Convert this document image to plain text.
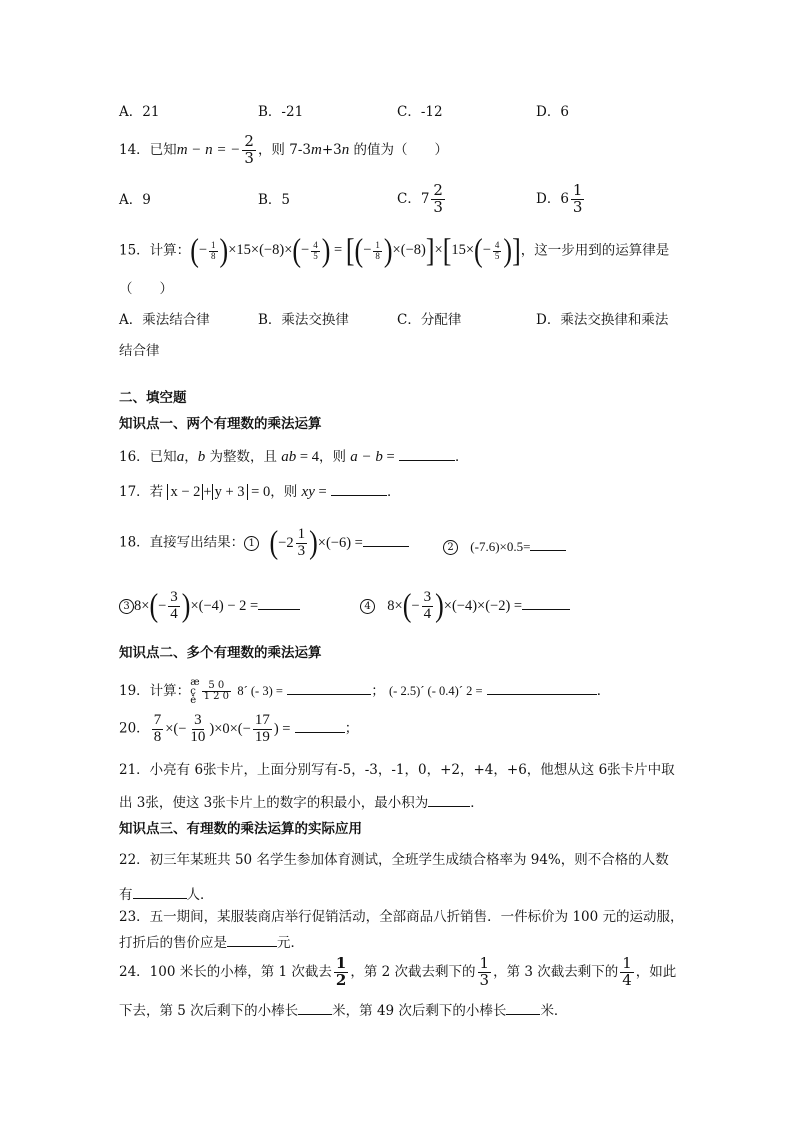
A．21	B．-21	C．-12	D．6
14．已知m − n = − $\frac{2}{3}$ ，则 7-3m+3n 的值为（　　）
A．9	B．5	C．$7 \frac{2}{3}$	D．$6 \frac{1}{3}$
15．计算：(− $\frac{1}{8} )\times 15\times(-8)\times(- \frac{4}{5}$ ) = [(− $\frac{1}{8} )\times(-8)]\times[15\times(- \frac{4}{5}$ )]，这一步用到的运算律是
（　　）
A．乘法结合律	B．乘法交换律	C．分配律	D．乘法交换律和乘法
结合律
二、填空题
知识点一、两个有理数的乘法运算
16．已知a，b 为整数，且 ab = 4，则 a − b =	．
17．若 x − 2 + y + 3 = 0，则 xy =	．
18．直接写出结果： 1 $(-2 \frac{1}{3} )\times(-6)$ =	2 (-7.6)×0.5=
3 $8\times(- \frac{3}{4} )\times(-4) - 2$ =	4 $8\times(- \frac{3}{4} )\times(-4)\times(-2)$ =
知识点二、多个有理数的乘法运算
19．计算：
æ
ç
è $\frac{5 0}{1 2 0}$ 8´ (- 3) =	； (- 2.5)´ (- 0.4)´ 2 =	．
20． $\frac{7}{8}$ ×(− $\frac{3}{10} )\times 0\times(- \frac{17}{19}$ ) =	；
21．小亮有 6张卡片，上面分别写有-5，-3，-1，0，+2，+4，+6，他想从这 6张卡片中取
出 3张，使这 3张卡片上的数字的积最小，最小积为	．
知识点三、有理数的乘法运算的实际应用
22．初三年某班共 50 名学生参加体育测试，全班学生成绩合格率为 94%，则不合格的人数
有	人．
23．五一期间，某服装商店举行促销活动，全部商品八折销售．一件标价为 100 元的运动服，
打折后的售价应是	元．
24．100 米长的小棒，第 1 次截去 $\frac{1}{2}$ ，第 2 次截去剩下的 $\frac{1}{3}$ ，第 3 次截去剩下的 $\frac{1}{4}$ ，如此
下去，第 5 次后剩下的小棒长	米，第 49 次后剩下的小棒长	米．
